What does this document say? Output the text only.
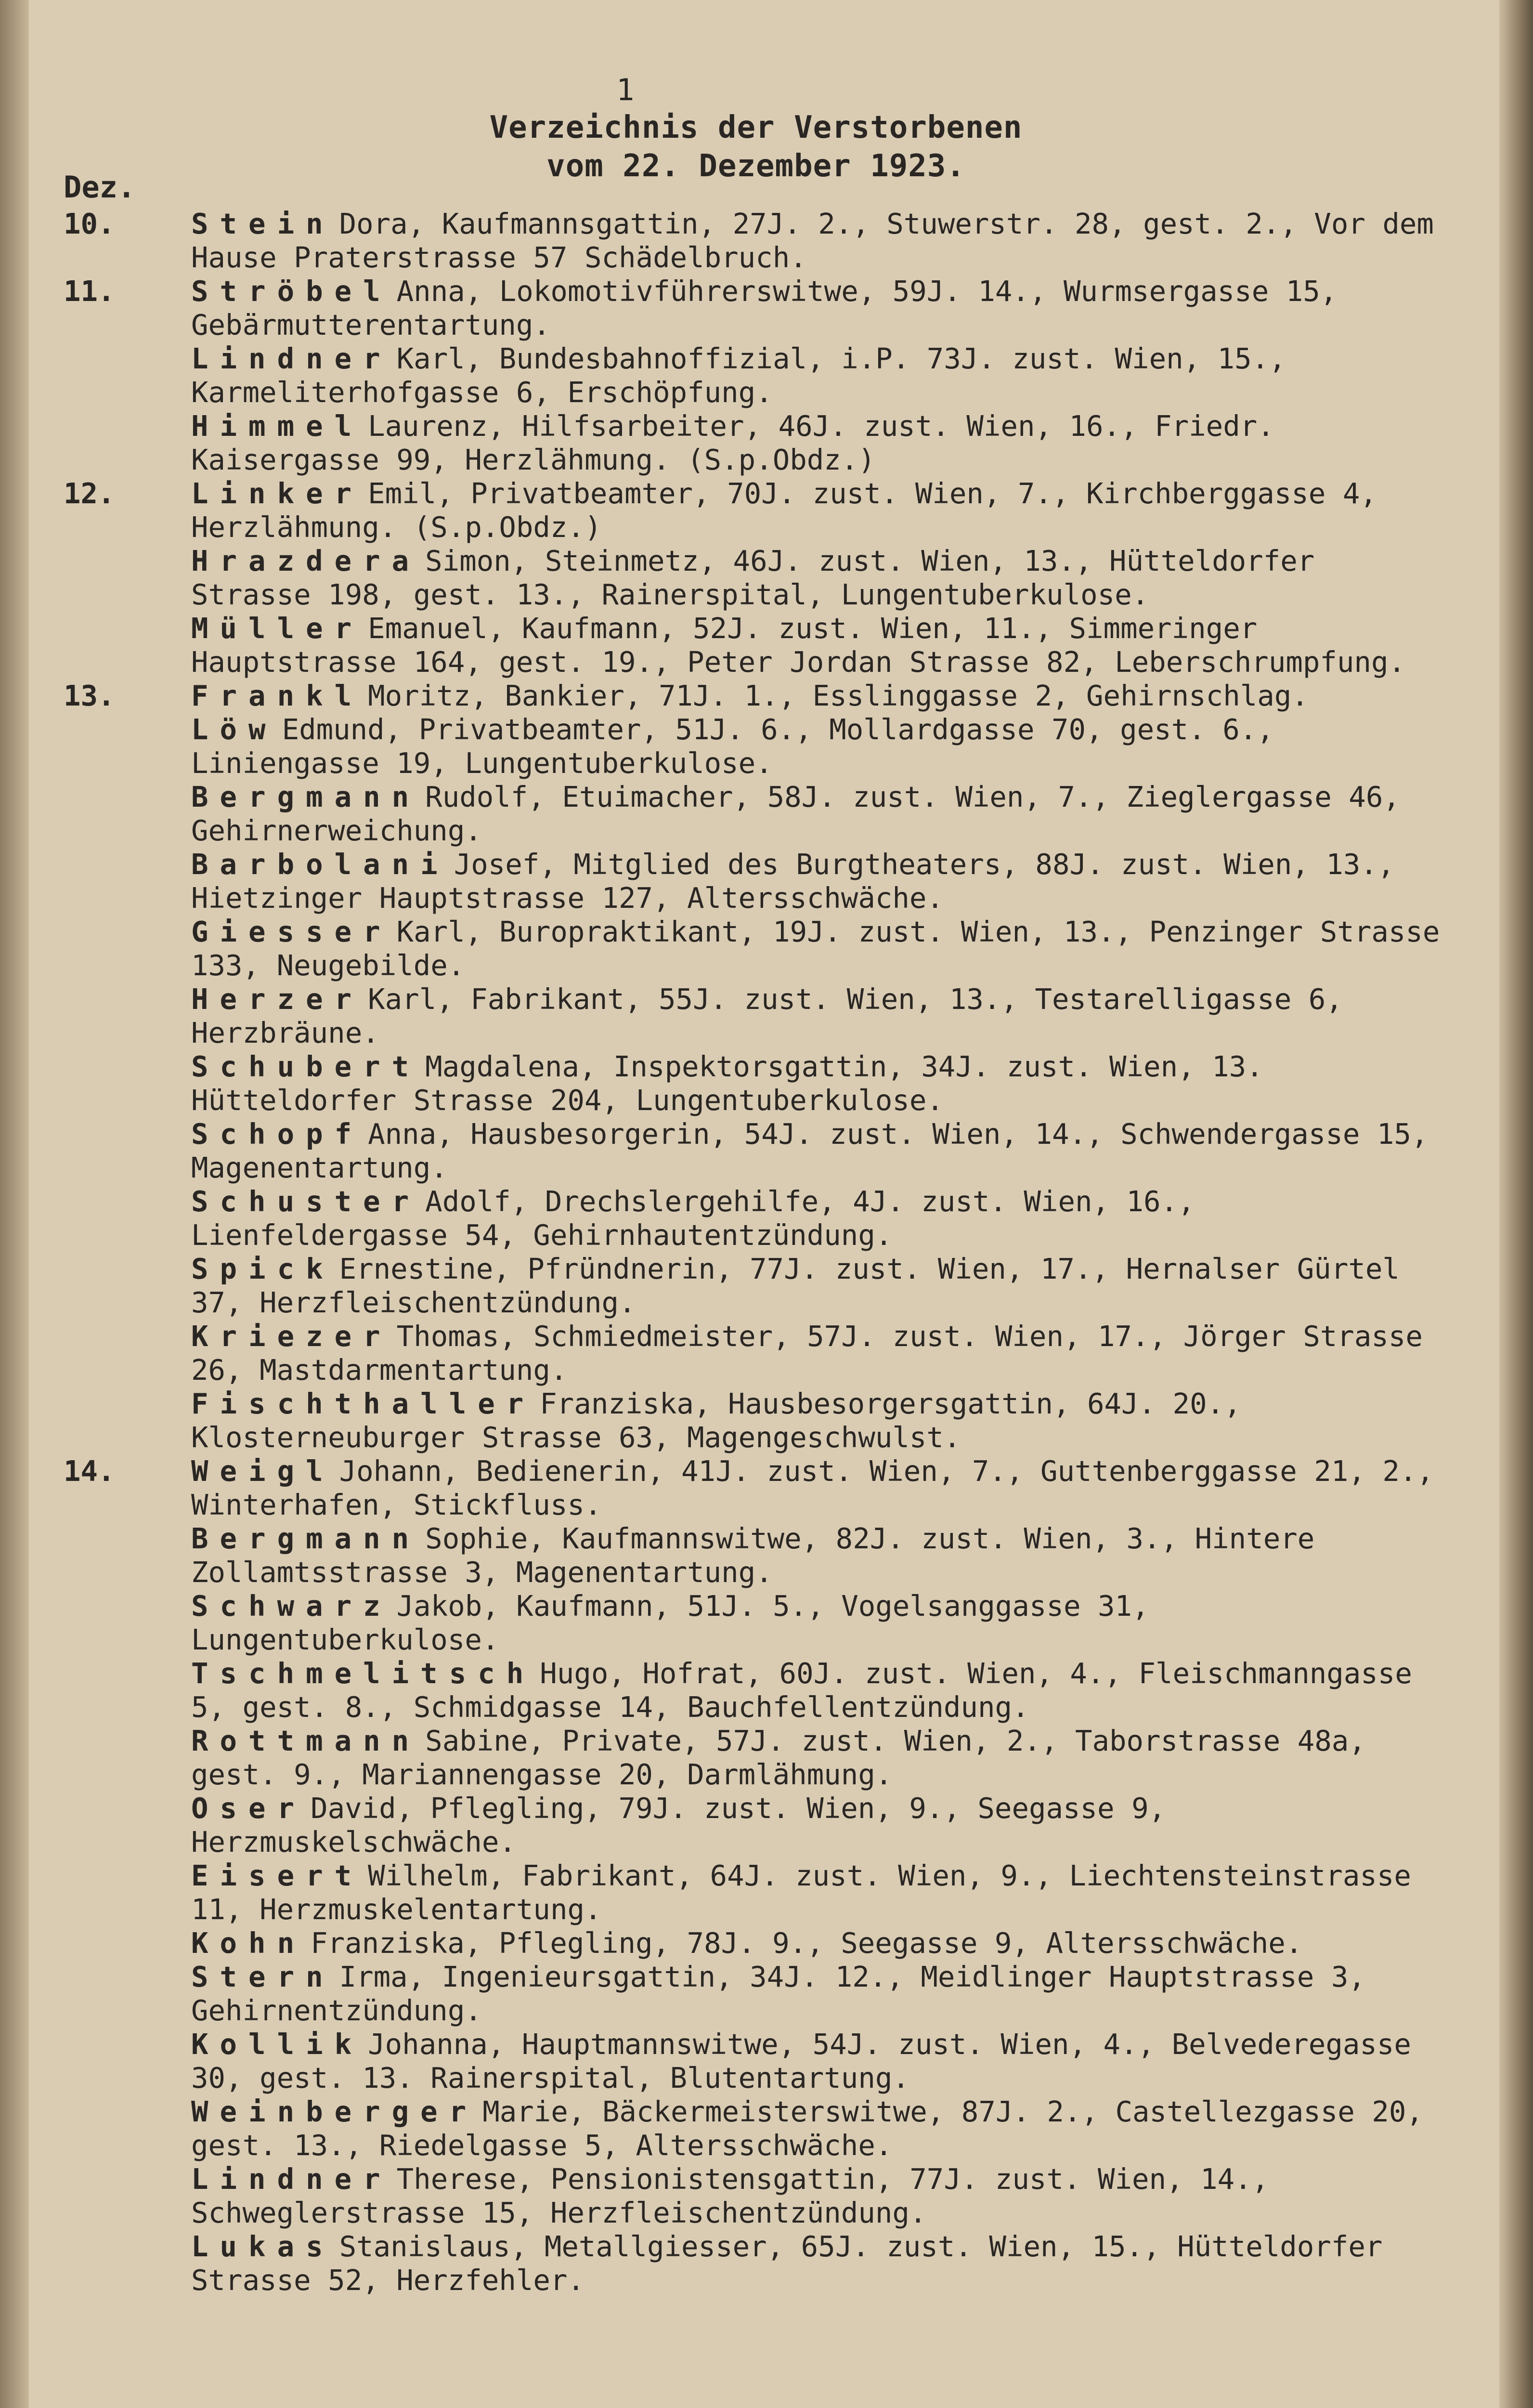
1
Verzeichnis der Verstorbenen
vom 22. Dezember 1923.
Dez.
10.	Stein Dora, Kaufmannsgattin, 27J. 2., Stuwerstr. 28, gest. 2., Vor dem Hause Praterstrasse 57 Schädelbruch.
11.	Ströbel Anna, Lokomotivführerswitwe, 59J. 14., Wurmsergasse 15, Gebärmutterentartung.
Lindner Karl, Bundesbahnoffizial, i.P. 73J. zust. Wien, 15., Karmeliterhofgasse 6, Erschöpfung.
Himmel Laurenz, Hilfsarbeiter, 46J. zust. Wien, 16., Friedr. Kaisergasse 99, Herzlähmung. (S.p.Obdz.)
12.	Linker Emil, Privatbeamter, 70J. zust. Wien, 7., Kirchberggasse 4, Herzlähmung. (S.p.Obdz.)
Hrazdera Simon, Steinmetz, 46J. zust. Wien, 13., Hütteldorfer Strasse 198, gest. 13., Rainerspital, Lungentuberkulose.
Müller Emanuel, Kaufmann, 52J. zust. Wien, 11., Simmeringer Hauptstrasse 164, gest. 19., Peter Jordan Strasse 82, Leberschrumpfung.
13.	Frankl Moritz, Bankier, 71J. 1., Esslinggasse 2, Gehirnschlag.
Löw Edmund, Privatbeamter, 51J. 6., Mollardgasse 70, gest. 6., Liniengasse 19, Lungentuberkulose.
Bergmann Rudolf, Etuimacher, 58J. zust. Wien, 7., Zieglergasse 46, Gehirnerweichung.
Barbolani Josef, Mitglied des Burgtheaters, 88J. zust. Wien, 13., Hietzinger Hauptstrasse 127, Altersschwäche.
Giesser Karl, Buropraktikant, 19J. zust. Wien, 13., Penzinger Strasse 133, Neugebilde.
Herzer Karl, Fabrikant, 55J. zust. Wien, 13., Testarelligasse 6, Herzbräune.
Schubert Magdalena, Inspektorsgattin, 34J. zust. Wien, 13. Hütteldorfer Strasse 204, Lungentuberkulose.
Schopf Anna, Hausbesorgerin, 54J. zust. Wien, 14., Schwendergasse 15, Magenentartung.
Schuster Adolf, Drechslergehilfe, 4J. zust. Wien, 16., Lienfeldergasse 54, Gehirnhautentzündung.
Spick Ernestine, Pfründnerin, 77J. zust. Wien, 17., Hernalser Gürtel 37, Herzfleischentzündung.
Kriezer Thomas, Schmiedmeister, 57J. zust. Wien, 17., Jörger Strasse 26, Mastdarmentartung.
Fischthaller Franziska, Hausbesorgersgattin, 64J. 20., Klosterneuburger Strasse 63, Magengeschwulst.
14.	Weigl Johann, Bedienerin, 41J. zust. Wien, 7., Guttenberggasse 21, 2., Winterhafen, Stickfluss.
Bergmann Sophie, Kaufmannswitwe, 82J. zust. Wien, 3., Hintere Zollamtsstrasse 3, Magenentartung.
Schwarz Jakob, Kaufmann, 51J. 5., Vogelsanggasse 31, Lungentuberkulose.
Tschmelitsch Hugo, Hofrat, 60J. zust. Wien, 4., Fleischmanngasse 5, gest. 8., Schmidgasse 14, Bauchfellentzündung.
Rottmann Sabine, Private, 57J. zust. Wien, 2., Taborstrasse 48a, gest. 9., Mariannengasse 20, Darmlähmung.
Oser David, Pflegling, 79J. zust. Wien, 9., Seegasse 9, Herzmuskelschwäche.
Eisert Wilhelm, Fabrikant, 64J. zust. Wien, 9., Liechtensteinstrasse 11, Herzmuskelentartung.
Kohn Franziska, Pflegling, 78J. 9., Seegasse 9, Altersschwäche.
Stern Irma, Ingenieursgattin, 34J. 12., Meidlinger Hauptstrasse 3, Gehirnentzündung.
Kollik Johanna, Hauptmannswitwe, 54J. zust. Wien, 4., Belvederegasse 30, gest. 13. Rainerspital, Blutentartung.
Weinberger Marie, Bäckermeisterswitwe, 87J. 2., Castellezgasse 20, gest. 13., Riedelgasse 5, Altersschwäche.
Lindner Therese, Pensionistensgattin, 77J. zust. Wien, 14., Schweglerstrasse 15, Herzfleischentzündung.
Lukas Stanislaus, Metallgiesser, 65J. zust. Wien, 15., Hütteldorfer Strasse 52, Herzfehler.
